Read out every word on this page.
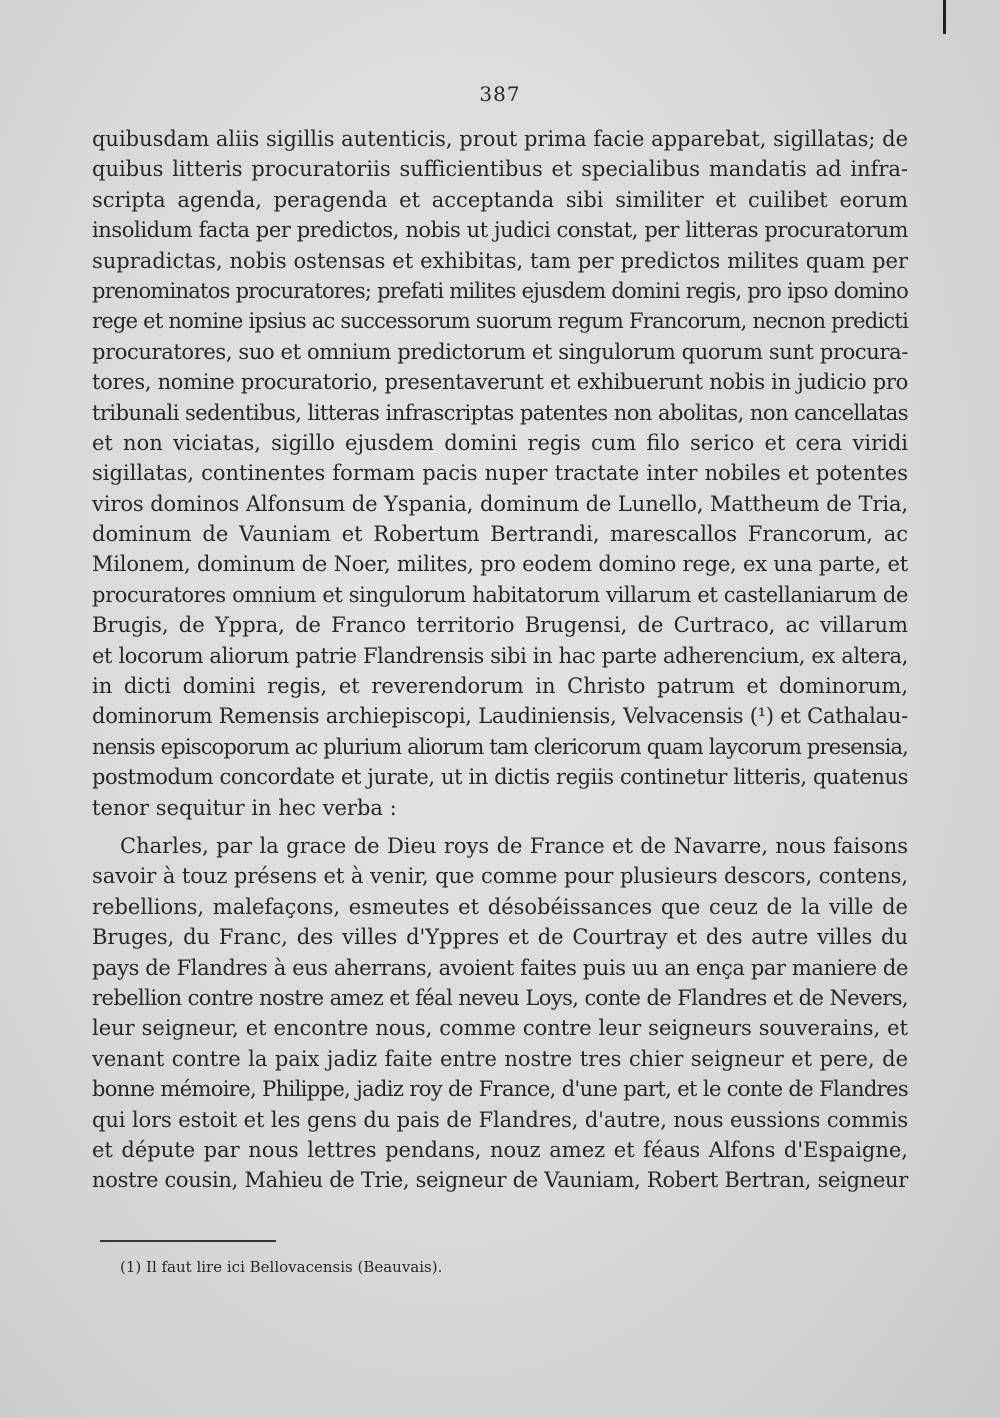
387
quibusdam aliis sigillis autenticis, prout prima facie apparebat, sigillatas; de
quibus litteris procuratoriis sufficientibus et specialibus mandatis ad infra-
scripta agenda, peragenda et acceptanda sibi similiter et cuilibet eorum
insolidum facta per predictos, nobis ut judici constat, per litteras procuratorum
supradictas, nobis ostensas et exhibitas, tam per predictos milites quam per
prenominatos procuratores; prefati milites ejusdem domini regis, pro ipso domino
rege et nomine ipsius ac successorum suorum regum Francorum, necnon predicti
procuratores, suo et omnium predictorum et singulorum quorum sunt procura-
tores, nomine procuratorio, presentaverunt et exhibuerunt nobis in judicio pro
tribunali sedentibus, litteras infrascriptas patentes non abolitas, non cancellatas
et non viciatas, sigillo ejusdem domini regis cum filo serico et cera viridi
sigillatas, continentes formam pacis nuper tractate inter nobiles et potentes
viros dominos Alfonsum de Yspania, dominum de Lunello, Mattheum de Tria,
dominum de Vauniam et Robertum Bertrandi, marescallos Francorum, ac
Milonem, dominum de Noer, milites, pro eodem domino rege, ex una parte, et
procuratores omnium et singulorum habitatorum villarum et castellaniarum de
Brugis, de Yppra, de Franco territorio Brugensi, de Curtraco, ac villarum
et locorum aliorum patrie Flandrensis sibi in hac parte adherencium, ex altera,
in dicti domini regis, et reverendorum in Christo patrum et dominorum,
dominorum Remensis archiepiscopi, Laudiniensis, Velvacensis (¹) et Cathalau-
nensis episcoporum ac plurium aliorum tam clericorum quam laycorum presensia,
postmodum concordate et jurate, ut in dictis regiis continetur litteris, quatenus
tenor sequitur in hec verba :
Charles, par la grace de Dieu roys de France et de Navarre, nous faisons
savoir à touz présens et à venir, que comme pour plusieurs descors, contens,
rebellions, malefaçons, esmeutes et désobéissances que ceuz de la ville de
Bruges, du Franc, des villes d'Yppres et de Courtray et des autre villes du
pays de Flandres à eus aherrans, avoient faites puis uu an ença par maniere de
rebellion contre nostre amez et féal neveu Loys, conte de Flandres et de Nevers,
leur seigneur, et encontre nous, comme contre leur seigneurs souverains, et
venant contre la paix jadiz faite entre nostre tres chier seigneur et pere, de
bonne mémoire, Philippe, jadiz roy de France, d'une part, et le conte de Flandres
qui lors estoit et les gens du pais de Flandres, d'autre, nous eussions commis
et députe par nous lettres pendans, nouz amez et féaus Alfons d'Espaigne,
nostre cousin, Mahieu de Trie, seigneur de Vauniam, Robert Bertran, seigneur
(1) Il faut lire ici Bellovacensis (Beauvais).
